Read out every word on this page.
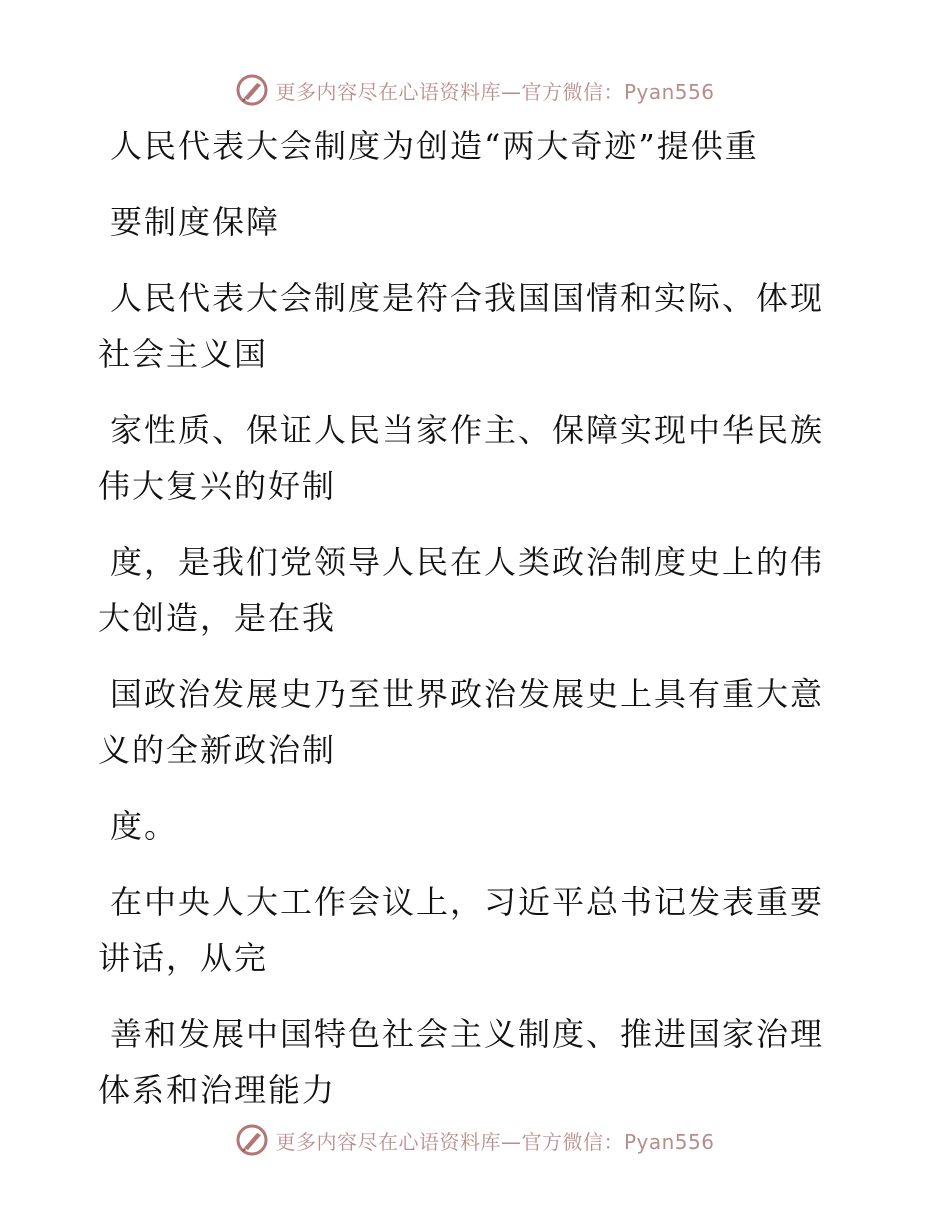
更多内容尽在心语资料库—官方微信：Pyan556

人民代表大会制度为创造“两大奇迹”提供重

要制度保障

人民代表大会制度是符合我国国情和实际、体现社会主义国

家性质、保证人民当家作主、保障实现中华民族伟大复兴的好制

度，是我们党领导人民在人类政治制度史上的伟大创造，是在我

国政治发展史乃至世界政治发展史上具有重大意义的全新政治制

度。

在中央人大工作会议上，习近平总书记发表重要讲话，从完

善和发展中国特色社会主义制度、推进国家治理体系和治理能力

更多内容尽在心语资料库—官方微信：Pyan556
